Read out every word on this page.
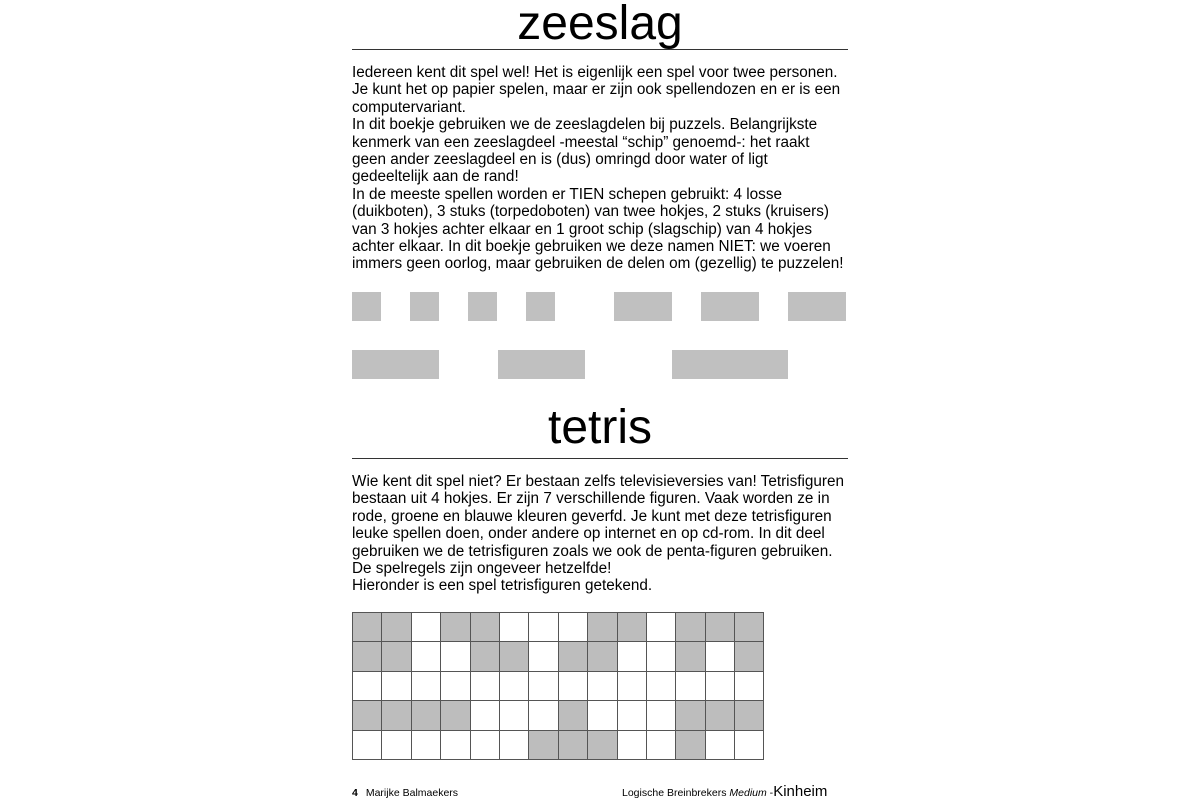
zeeslag
Iedereen kent dit spel wel! Het is eigenlijk een spel voor twee personen.
Je kunt het op papier spelen, maar er zijn ook spellendozen en er is een
computervariant.
In dit boekje gebruiken we de zeeslagdelen bij puzzels. Belangrijkste
kenmerk van een zeeslagdeel -meestal “schip” genoemd-: het raakt
geen ander zeeslagdeel en is (dus) omringd door water of ligt
gedeeltelijk aan de rand!
In de meeste spellen worden er TIEN schepen gebruikt: 4 losse
(duikboten), 3 stuks (torpedoboten) van twee hokjes, 2 stuks (kruisers)
van 3 hokjes achter elkaar en 1 groot schip (slagschip) van 4 hokjes
achter elkaar. In dit boekje gebruiken we deze namen NIET: we voeren
immers geen oorlog, maar gebruiken de delen om (gezellig) te puzzelen!
tetris
Wie kent dit spel niet? Er bestaan zelfs televisieversies van! Tetrisfiguren
bestaan uit 4 hokjes. Er zijn 7 verschillende figuren. Vaak worden ze in
rode, groene en blauwe kleuren geverfd. Je kunt met deze tetrisfiguren
leuke spellen doen, onder andere op internet en op cd-rom. In dit deel
gebruiken we de tetrisfiguren zoals we ook de penta-figuren gebruiken.
De spelregels zijn ongeveer hetzelfde!
Hieronder is een spel tetrisfiguren getekend.
4 Marijke Balmaekers	Logische Breinbrekers Medium -Kinheim
